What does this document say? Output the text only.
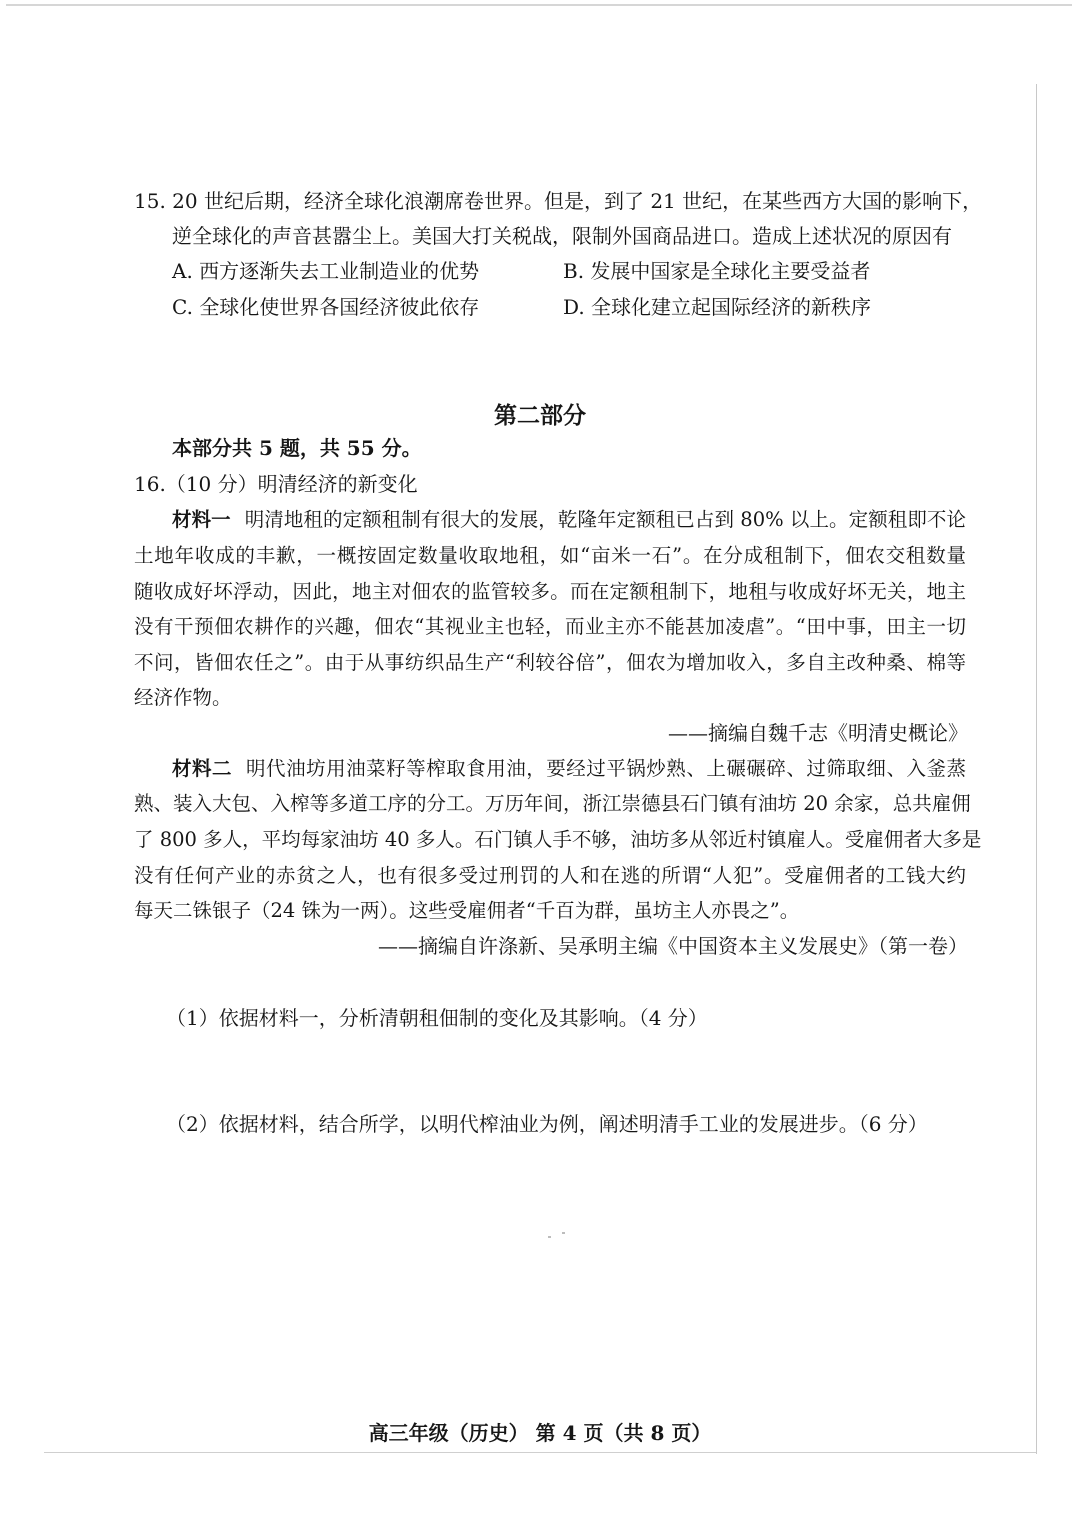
15. 20 世纪后期，经济全球化浪潮席卷世界。但是，到了 21 世纪，在某些西方大国的影响下，
逆全球化的声音甚嚣尘上。美国大打关税战，限制外国商品进口。造成上述状况的原因有
A. 西方逐渐失去工业制造业的优势	B. 发展中国家是全球化主要受益者
C. 全球化使世界各国经济彼此依存	D. 全球化建立起国际经济的新秩序
第二部分
本部分共 5 题，共 55 分。
16.（10 分）明清经济的新变化
材料一 明清地租的定额租制有很大的发展，乾隆年定额租已占到 80% 以上。定额租即不论
土地年收成的丰歉，一概按固定数量收取地租，如“亩米一石”。在分成租制下，佃农交租数量
随收成好坏浮动，因此，地主对佃农的监管较多。而在定额租制下，地租与收成好坏无关，地主
没有干预佃农耕作的兴趣，佃农“其视业主也轻，而业主亦不能甚加凌虐”。“田中事，田主一切
不问，皆佃农任之”。由于从事纺织品生产“利较谷倍”，佃农为增加收入，多自主改种桑、棉等
经济作物。
——摘编自魏千志《明清史概论》
材料二 明代油坊用油菜籽等榨取食用油，要经过平锅炒熟、上碾碾碎、过筛取细、入釜蒸
熟、装入大包、入榨等多道工序的分工。万历年间，浙江崇德县石门镇有油坊 20 余家，总共雇佣
了 800 多人，平均每家油坊 40 多人。石门镇人手不够，油坊多从邻近村镇雇人。受雇佣者大多是
没有任何产业的赤贫之人，也有很多受过刑罚的人和在逃的所谓“人犯”。受雇佣者的工钱大约
每天二铢银子（24 铢为一两）。这些受雇佣者“千百为群，虽坊主人亦畏之”。
——摘编自许涤新、吴承明主编《中国资本主义发展史》（第一卷）
（1）依据材料一，分析清朝租佃制的变化及其影响。（4 分）
（2）依据材料，结合所学，以明代榨油业为例，阐述明清手工业的发展进步。（6 分）
高三年级（历史） 第 4 页（共 8 页）
